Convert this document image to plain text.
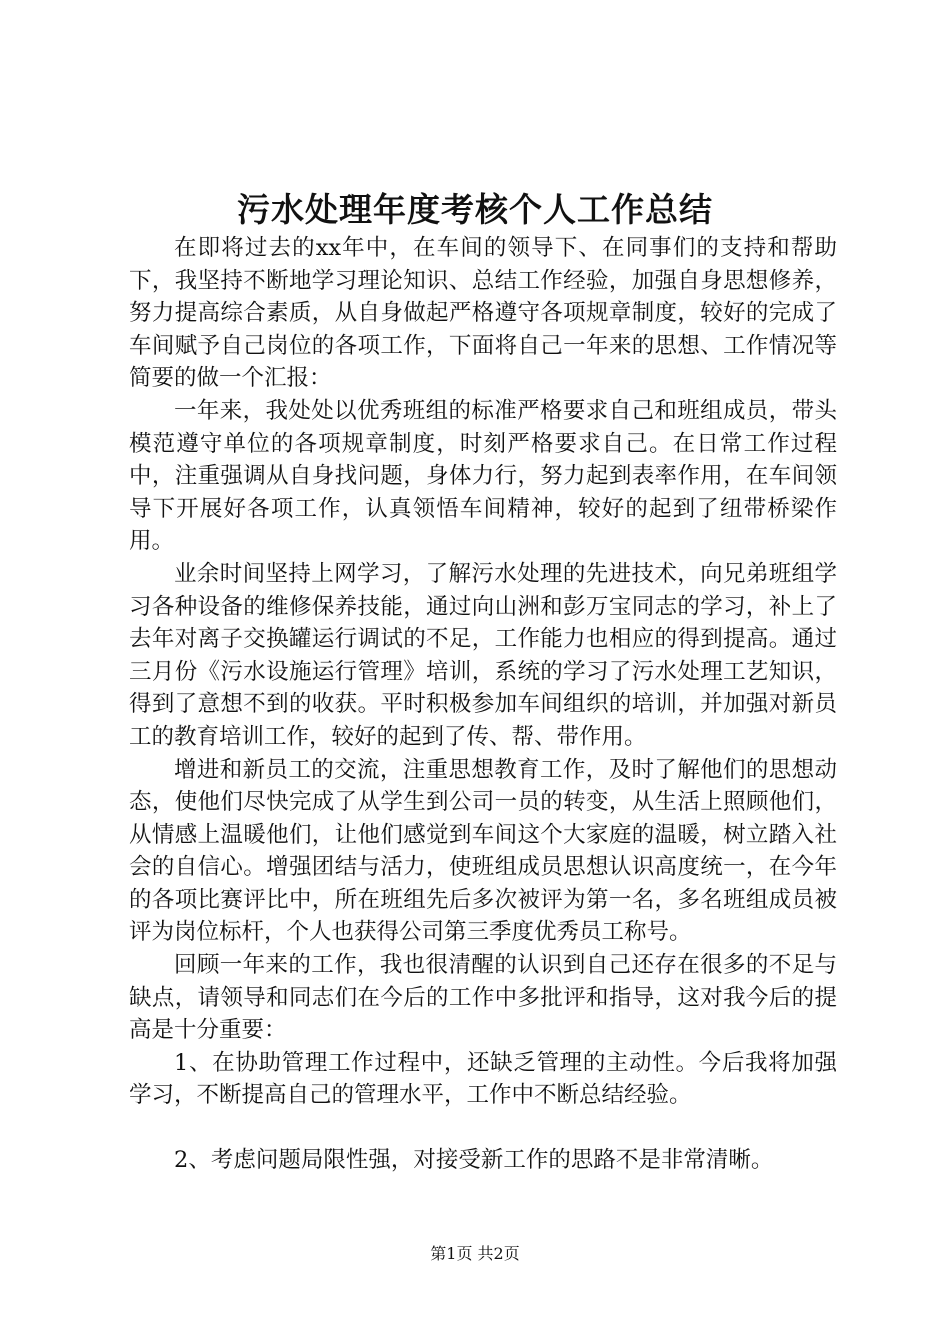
污水处理年度考核个人工作总结

在即将过去的xx年中，在车间的领导下、在同事们的支持和帮助下，我坚持不断地学习理论知识、总结工作经验，加强自身思想修养，努力提高综合素质，从自身做起严格遵守各项规章制度，较好的完成了车间赋予自己岗位的各项工作，下面将自己一年来的思想、工作情况等简要的做一个汇报：

一年来，我处处以优秀班组的标准严格要求自己和班组成员，带头模范遵守单位的各项规章制度，时刻严格要求自己。在日常工作过程中，注重强调从自身找问题，身体力行，努力起到表率作用，在车间领导下开展好各项工作，认真领悟车间精神，较好的起到了纽带桥梁作用。

业余时间坚持上网学习，了解污水处理的先进技术，向兄弟班组学习各种设备的维修保养技能，通过向山洲和彭万宝同志的学习，补上了去年对离子交换罐运行调试的不足，工作能力也相应的得到提高。通过三月份《污水设施运行管理》培训，系统的学习了污水处理工艺知识，得到了意想不到的收获。平时积极参加车间组织的培训，并加强对新员工的教育培训工作，较好的起到了传、帮、带作用。

增进和新员工的交流，注重思想教育工作，及时了解他们的思想动态，使他们尽快完成了从学生到公司一员的转变，从生活上照顾他们，从情感上温暖他们，让他们感觉到车间这个大家庭的温暖，树立踏入社会的自信心。增强团结与活力，使班组成员思想认识高度统一，在今年的各项比赛评比中，所在班组先后多次被评为第一名，多名班组成员被评为岗位标杆，个人也获得公司第三季度优秀员工称号。

回顾一年来的工作，我也很清醒的认识到自己还存在很多的不足与缺点，请领导和同志们在今后的工作中多批评和指导，这对我今后的提高是十分重要：

1、在协助管理工作过程中，还缺乏管理的主动性。今后我将加强学习，不断提高自己的管理水平，工作中不断总结经验。

2、考虑问题局限性强，对接受新工作的思路不是非常清晰。

第1页 共2页
